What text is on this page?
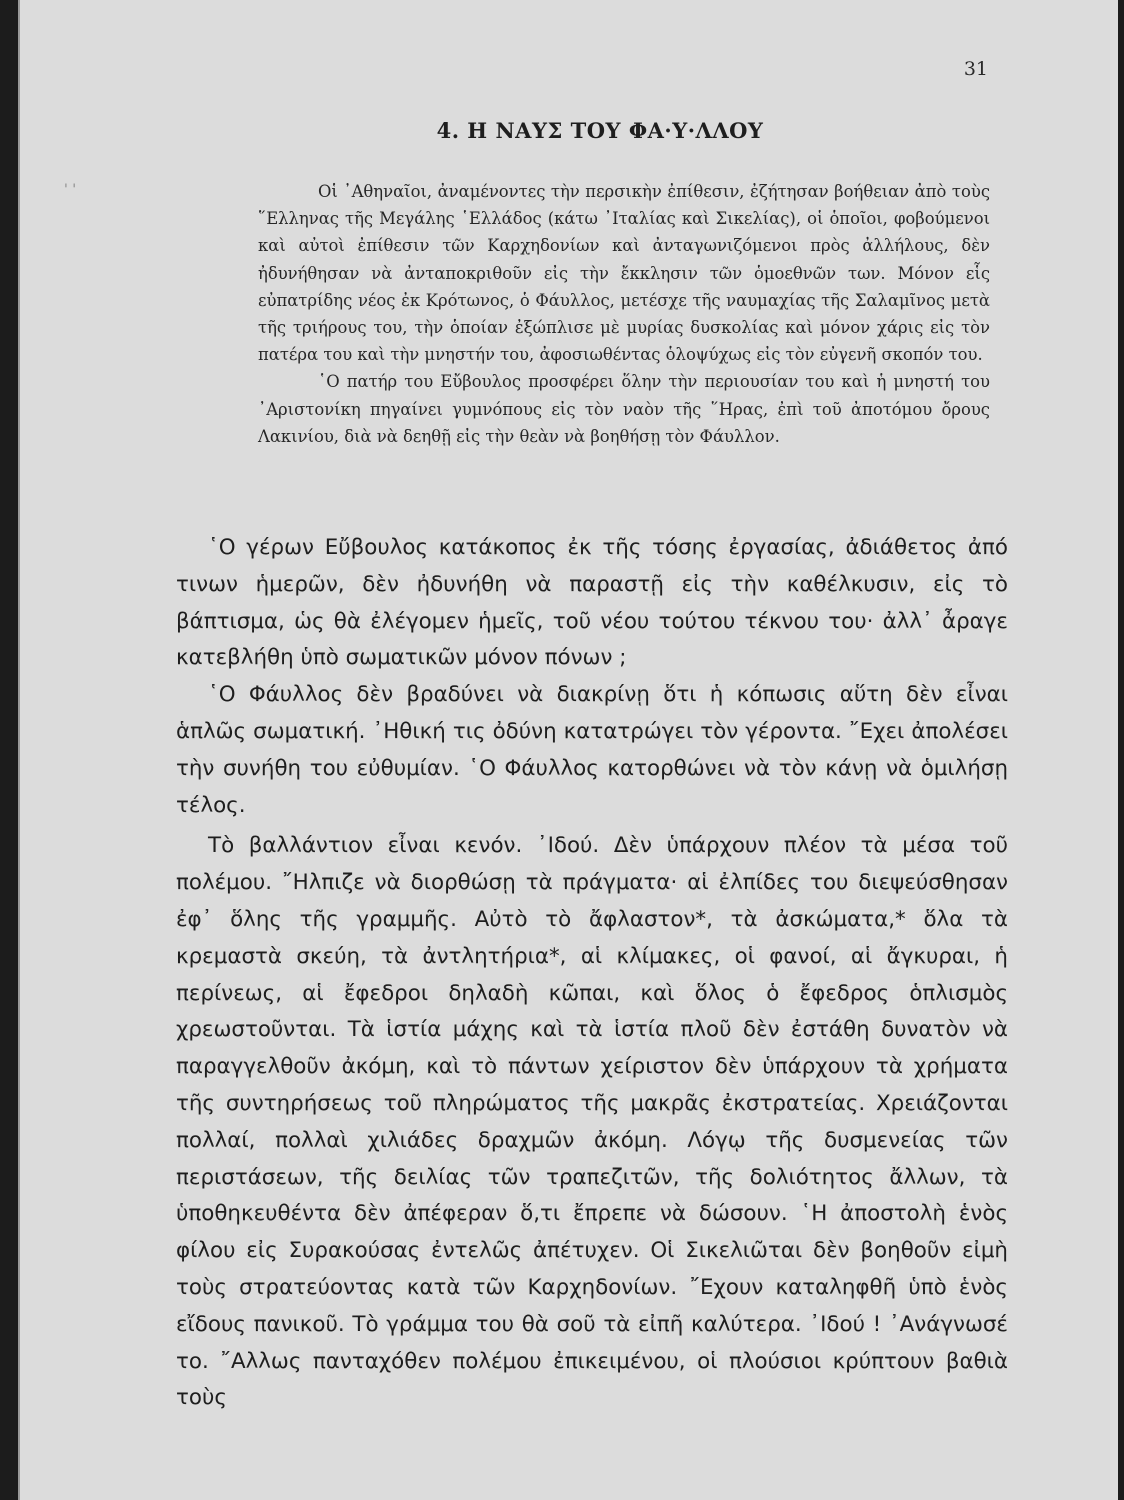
' '
31
4. Η ΝΑΥΣ ΤΟΥ ΦΑ·Υ·ΛΛΟΥ

Οἱ ᾽Αθηναῖοι, ἀναμένοντες τὴν περσικὴν ἐπίθεσιν, ἐζήτησαν βοήθειαν ἀπὸ τοὺς ῞Ελληνας τῆς Μεγάλης ῾Ελλάδος (κάτω ᾽Ιταλίας καὶ Σικελίας), οἱ ὁποῖοι, φοβούμενοι καὶ αὐτοὶ ἐπίθεσιν τῶν Καρχηδονίων καὶ ἀνταγωνιζόμενοι πρὸς ἀλλήλους, δὲν ἠδυνήθησαν νὰ ἀνταποκριθοῦν εἰς τὴν ἔκκλησιν τῶν ὁμοεθνῶν των. Μόνον εἷς εὐπατρίδης νέος ἐκ Κρότωνος, ὁ Φάυλλος, μετέσχε τῆς ναυμαχίας τῆς Σαλαμῖνος μετὰ τῆς τριήρους του, τὴν ὁποίαν ἐξώπλισε μὲ μυρίας δυσκολίας καὶ μόνον χάρις εἰς τὸν πατέρα του καὶ τὴν μνηστήν του, ἀφοσιωθέντας ὁλοψύχως εἰς τὸν εὐγενῆ σκοπόν του.

῾Ο πατήρ του Εὔβουλος προσφέρει ὅλην τὴν περιουσίαν του καὶ ἡ μνηστή του ᾽Αριστονίκη πηγαίνει γυμνόπους εἰς τὸν ναὸν τῆς ῞Ηρας, ἐπὶ τοῦ ἀποτόμου ὄρους Λακινίου, διὰ νὰ δεηθῇ εἰς τὴν θεὰν νὰ βοηθήσῃ τὸν Φάυλλον.

῾Ο γέρων Εὔβουλος κατάκοπος ἐκ τῆς τόσης ἐργασίας, ἀδιάθετος ἀπό τινων ἡμερῶν, δὲν ἠδυνήθη νὰ παραστῇ εἰς τὴν καθέλκυσιν, εἰς τὸ βάπτισμα, ὡς θὰ ἐλέγομεν ἡμεῖς, τοῦ νέου τούτου τέκνου του· ἀλλ᾽ ἆραγε κατεβλήθη ὑπὸ σωματικῶν μόνον πόνων ;

῾Ο Φάυλλος δὲν βραδύνει νὰ διακρίνῃ ὅτι ἡ κόπωσις αὕτη δὲν εἶναι ἁπλῶς σωματική. ᾽Ηθική τις ὀδύνη κατατρώγει τὸν γέροντα. ῎Εχει ἀπολέσει τὴν συνήθη του εὐθυμίαν. ῾Ο Φάυλλος κατορθώνει νὰ τὸν κάνῃ νὰ ὁμιλήσῃ τέλος.

Τὸ βαλλάντιον εἶναι κενόν. ᾽Ιδού. Δὲν ὑπάρχουν πλέον τὰ μέσα τοῦ πολέμου. ῎Ηλπιζε νὰ διορθώσῃ τὰ πράγματα· αἱ ἐλπίδες του διεψεύσθησαν ἐφ᾽ ὅλης τῆς γραμμῆς. Αὐτὸ τὸ ἄφλαστον*, τὰ ἀσκώματα,* ὅλα τὰ κρεμαστὰ σκεύη, τὰ ἀντλητήρια*, αἱ κλίμακες, οἱ φανοί, αἱ ἄγκυραι, ἡ περίνεως, αἱ ἔφεδροι δηλαδὴ κῶπαι, καὶ ὅλος ὁ ἔφεδρος ὁπλισμὸς χρεωστοῦνται. Τὰ ἱστία μάχης καὶ τὰ ἱστία πλοῦ δὲν ἐστάθη δυνατὸν νὰ παραγγελθοῦν ἀκόμη, καὶ τὸ πάντων χείριστον δὲν ὑπάρχουν τὰ χρήματα τῆς συντηρήσεως τοῦ πληρώματος τῆς μακρᾶς ἐκστρατείας. Χρειάζονται πολλαί, πολλαὶ χιλιάδες δραχμῶν ἀκόμη. Λόγῳ τῆς δυσμενείας τῶν περιστάσεων, τῆς δειλίας τῶν τραπεζιτῶν, τῆς δολιότητος ἄλλων, τὰ ὑποθηκευθέντα δὲν ἀπέφεραν ὅ,τι ἔπρεπε νὰ δώσουν. ῾Η ἀποστολὴ ἑνὸς φίλου εἰς Συρακούσας ἐντελῶς ἀπέτυχεν. Οἱ Σικελιῶται δὲν βοηθοῦν εἰμὴ τοὺς στρατεύοντας κατὰ τῶν Καρχηδονίων. ῎Εχουν καταληφθῆ ὑπὸ ἑνὸς εἴδους πανικοῦ. Τὸ γράμμα του θὰ σοῦ τὰ εἰπῆ καλύτερα. ᾽Ιδού ! ᾽Ανάγνωσέ το. ῎Αλλως πανταχόθεν πολέμου ἐπικειμένου, οἱ πλούσιοι κρύπτουν βαθιὰ τοὺς
